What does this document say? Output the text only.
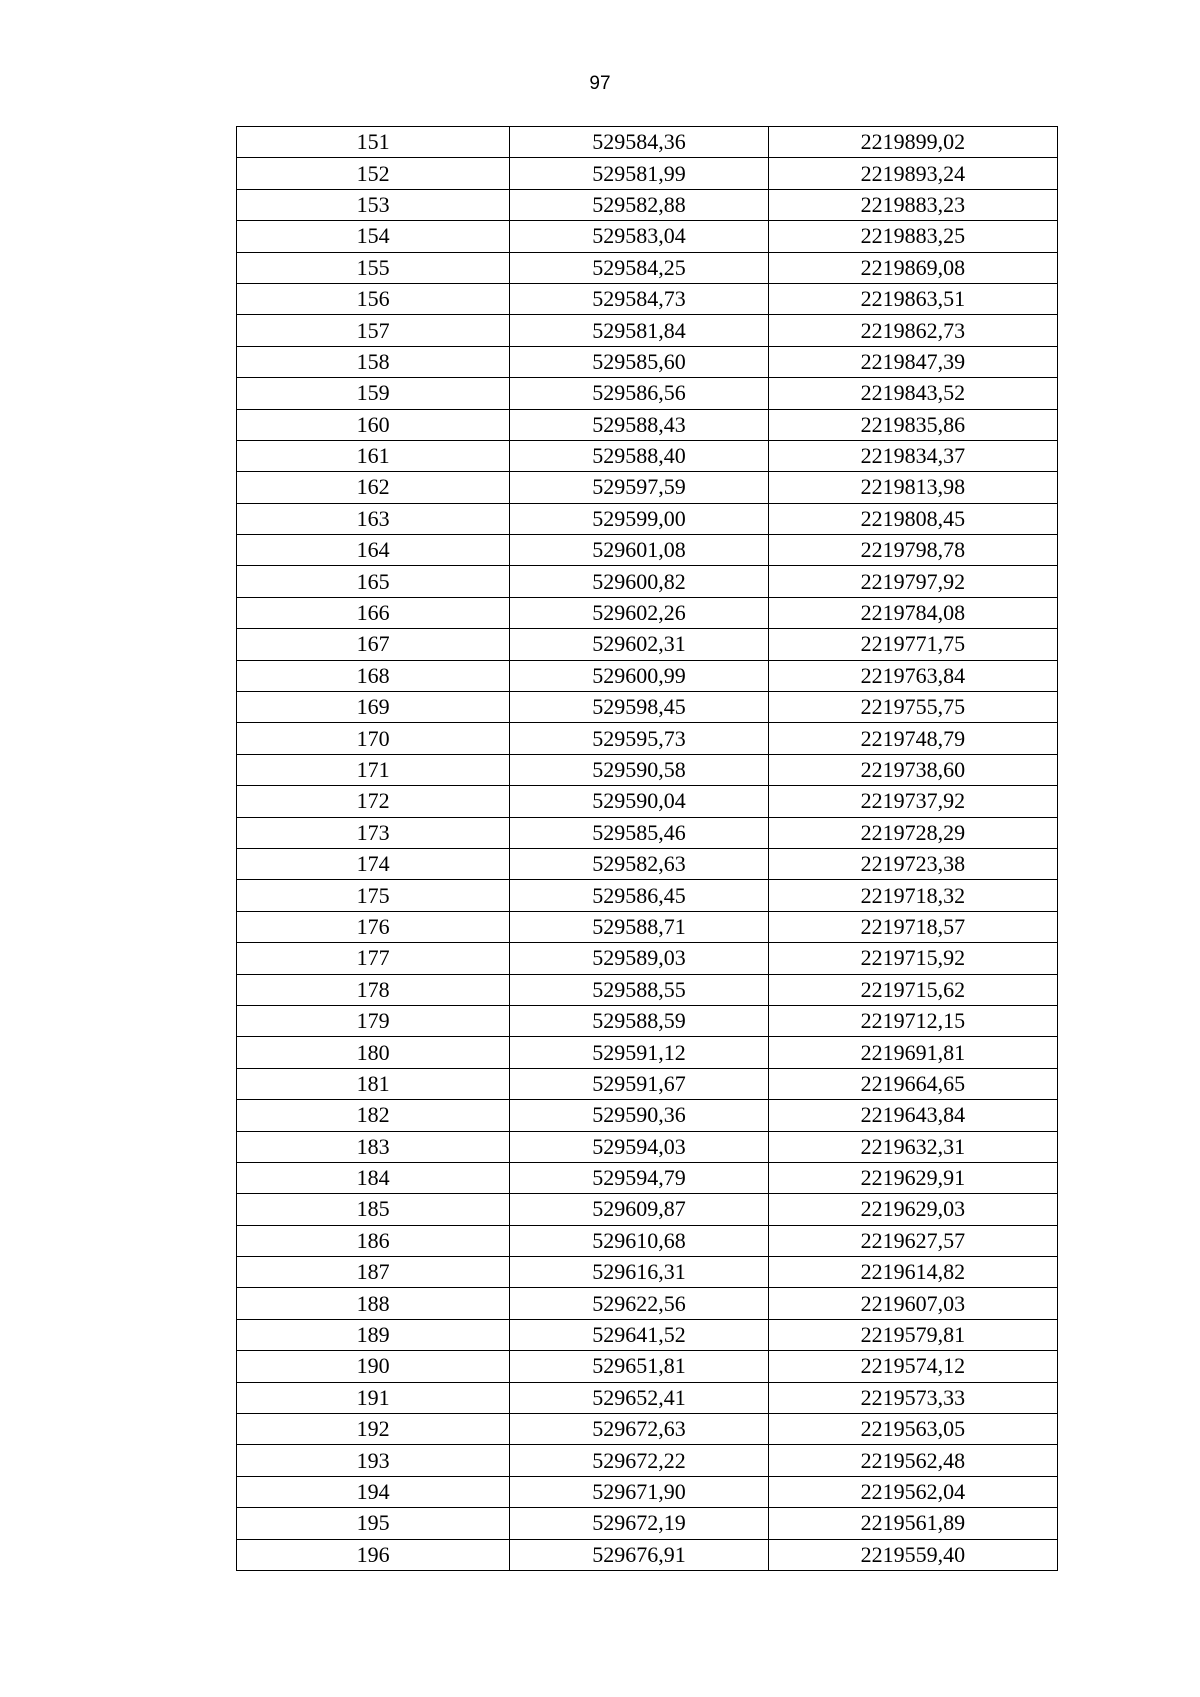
97
151	529584,36	2219899,02
152	529581,99	2219893,24
153	529582,88	2219883,23
154	529583,04	2219883,25
155	529584,25	2219869,08
156	529584,73	2219863,51
157	529581,84	2219862,73
158	529585,60	2219847,39
159	529586,56	2219843,52
160	529588,43	2219835,86
161	529588,40	2219834,37
162	529597,59	2219813,98
163	529599,00	2219808,45
164	529601,08	2219798,78
165	529600,82	2219797,92
166	529602,26	2219784,08
167	529602,31	2219771,75
168	529600,99	2219763,84
169	529598,45	2219755,75
170	529595,73	2219748,79
171	529590,58	2219738,60
172	529590,04	2219737,92
173	529585,46	2219728,29
174	529582,63	2219723,38
175	529586,45	2219718,32
176	529588,71	2219718,57
177	529589,03	2219715,92
178	529588,55	2219715,62
179	529588,59	2219712,15
180	529591,12	2219691,81
181	529591,67	2219664,65
182	529590,36	2219643,84
183	529594,03	2219632,31
184	529594,79	2219629,91
185	529609,87	2219629,03
186	529610,68	2219627,57
187	529616,31	2219614,82
188	529622,56	2219607,03
189	529641,52	2219579,81
190	529651,81	2219574,12
191	529652,41	2219573,33
192	529672,63	2219563,05
193	529672,22	2219562,48
194	529671,90	2219562,04
195	529672,19	2219561,89
196	529676,91	2219559,40
